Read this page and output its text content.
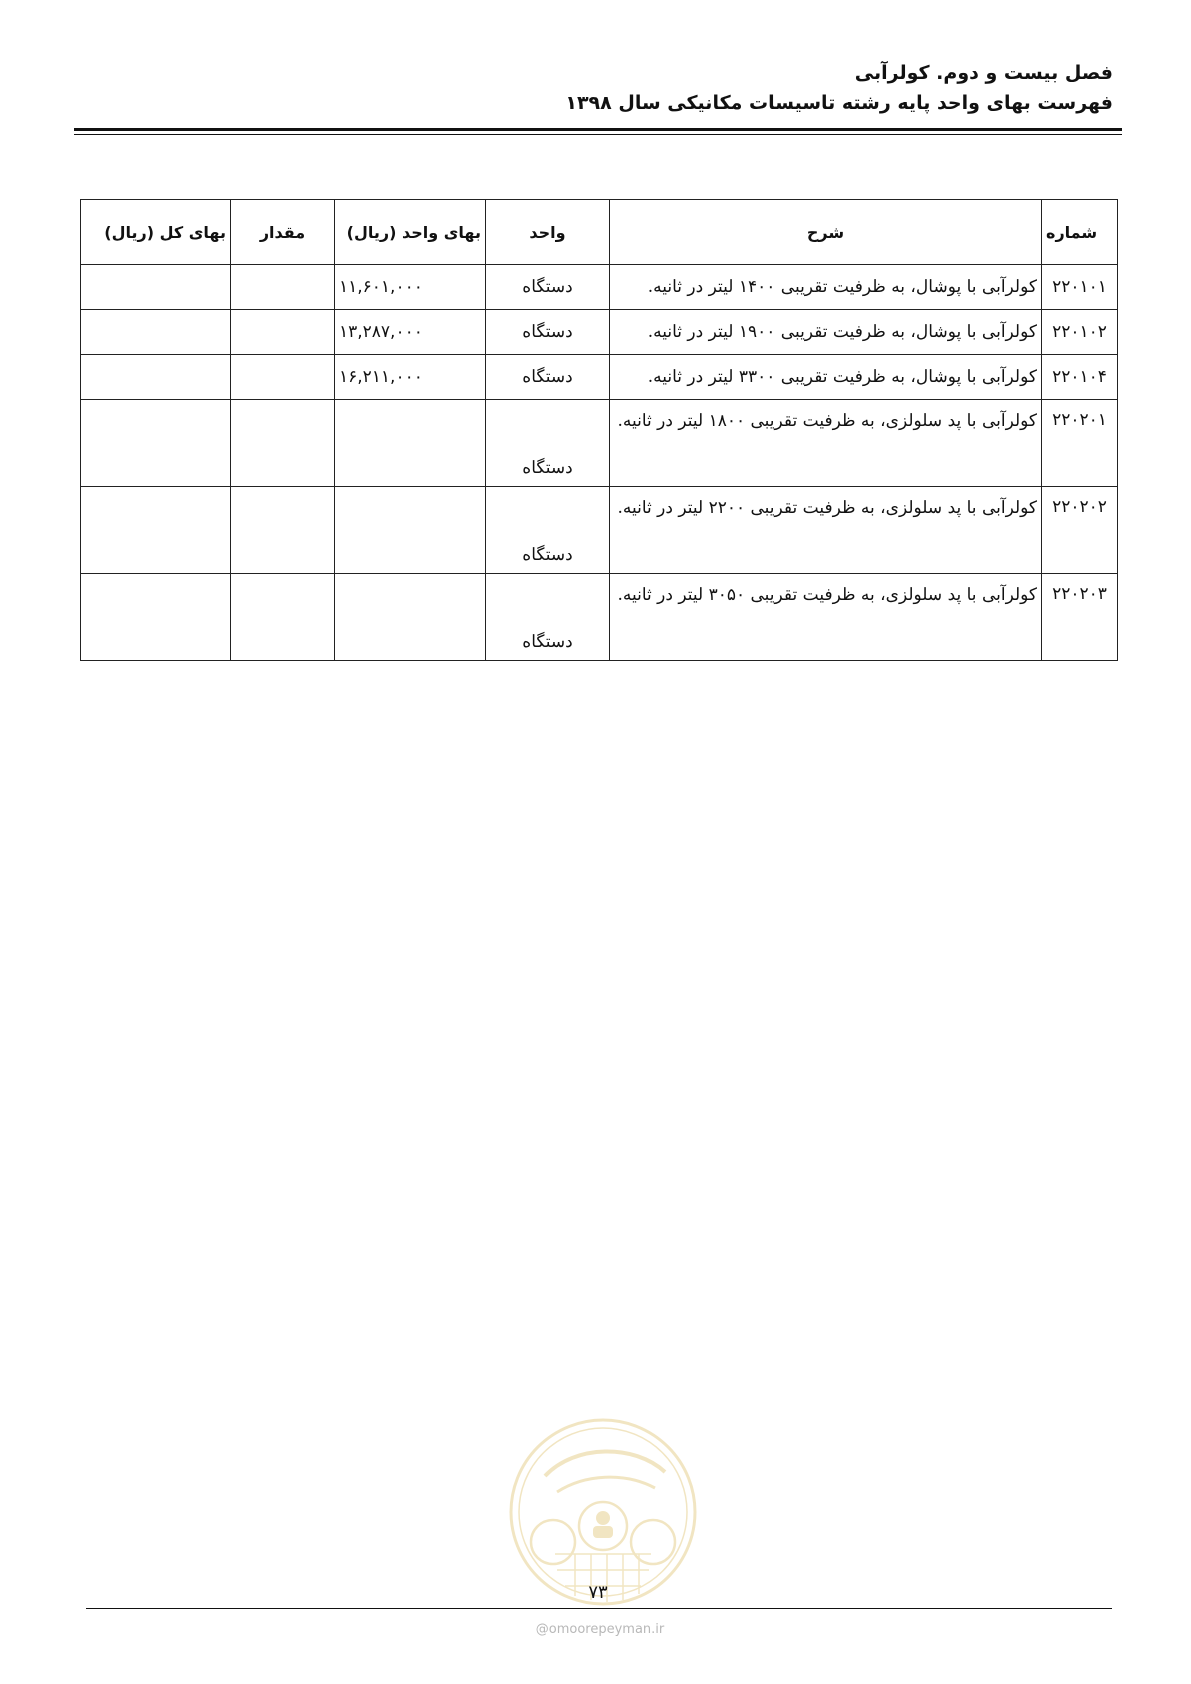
فصل بیست و دوم. کولرآبی
فهرست بهای واحد پایه رشته تاسیسات مکانیکی سال ۱۳۹۸
شماره	شرح	واحد	بهای واحد (ریال)	مقدار	بهای کل (ریال)
۲۲۰۱۰۱	کولرآبی با پوشال، به ظرفیت تقریبی ۱۴۰۰ لیتر در ثانیه.	دستگاه	۱۱,۶۰۱,۰۰۰		
۲۲۰۱۰۲	کولرآبی با پوشال، به ظرفیت تقریبی ۱۹۰۰ لیتر در ثانیه.	دستگاه	۱۳,۲۸۷,۰۰۰		
۲۲۰۱۰۴	کولرآبی با پوشال، به ظرفیت تقریبی ۳۳۰۰ لیتر در ثانیه.	دستگاه	۱۶,۲۱۱,۰۰۰		
۲۲۰۲۰۱	کولرآبی با پد سلولزی، به ظرفیت تقریبی ۱۸۰۰ لیتر در ثانیه.	دستگاه			
۲۲۰۲۰۲	کولرآبی با پد سلولزی، به ظرفیت تقریبی ۲۲۰۰ لیتر در ثانیه.	دستگاه			
۲۲۰۲۰۳	کولرآبی با پد سلولزی، به ظرفیت تقریبی ۳۰۵۰ لیتر در ثانیه.	دستگاه			
۷۳
@omoorepeyman.ir
